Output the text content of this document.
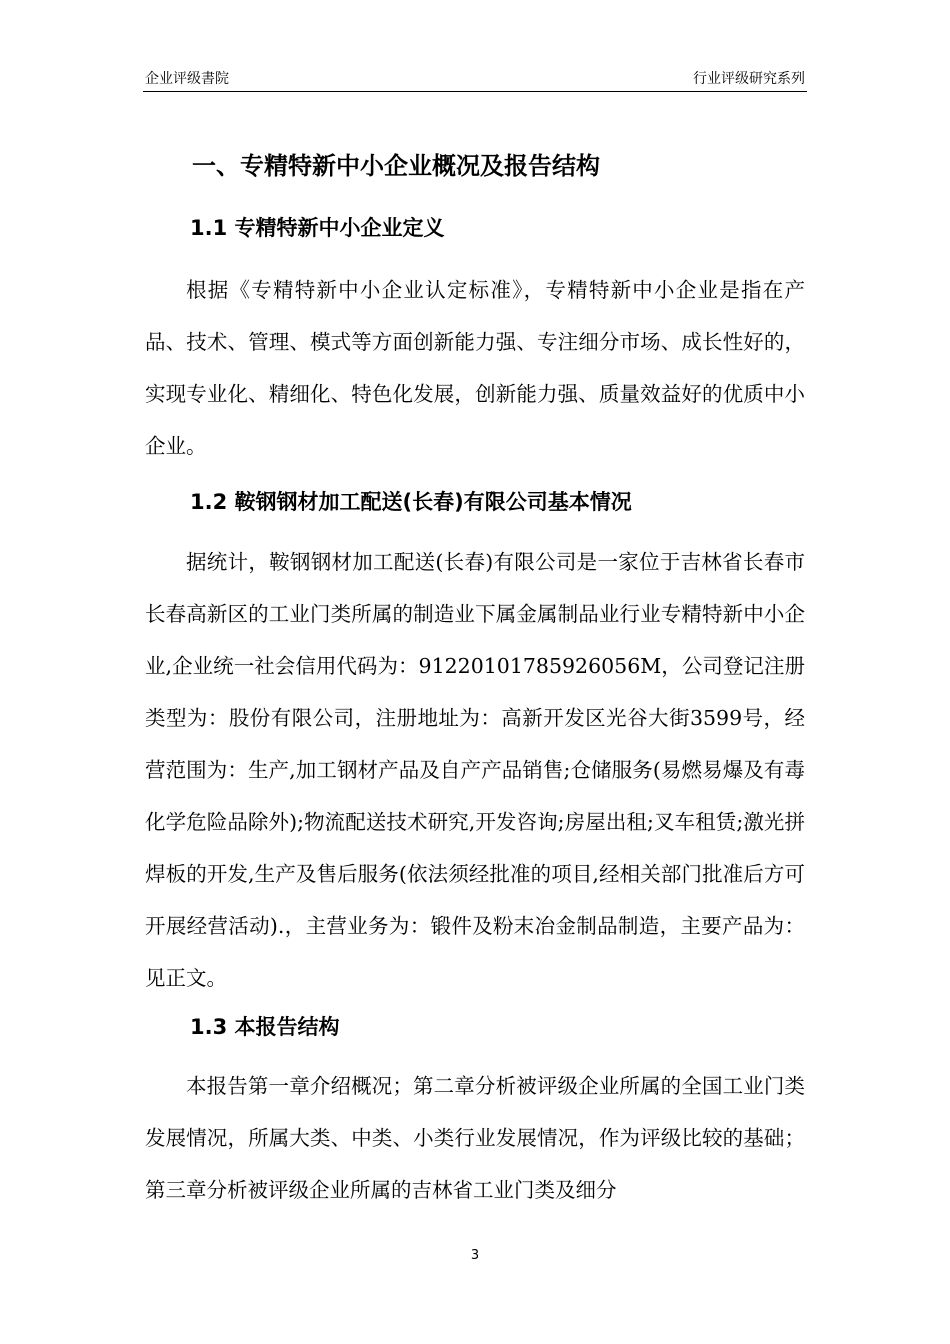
企业评级書院	行业评级研究系列
一、专精特新中小企业概况及报告结构
1.1 专精特新中小企业定义

根据《专精特新中小企业认定标准》，专精特新中小企业是指在产品、技术、管理、模式等方面创新能力强、专注细分市场、成长性好的，实现专业化、精细化、特色化发展，创新能力强、质量效益好的优质中小企业。

1.2 鞍钢钢材加工配送(长春)有限公司基本情况

据统计，鞍钢钢材加工配送(长春)有限公司是一家位于吉林省长春市长春高新区的工业门类所属的制造业下属金属制品业行业专精特新中小企业,企业统一社会信用代码为：91220101785926056M，公司登记注册类型为：股份有限公司，注册地址为：高新开发区光谷大街3599号，经营范围为：生产,加工钢材产品及自产产品销售;仓储服务(易燃易爆及有毒化学危险品除外);物流配送技术研究,开发咨询;房屋出租;叉车租赁;激光拼焊板的开发,生产及售后服务(依法须经批准的项目,经相关部门批准后方可开展经营活动).，主营业务为：锻件及粉末冶金制品制造，主要产品为：见正文。

1.3 本报告结构

本报告第一章介绍概况；第二章分析被评级企业所属的全国工业门类发展情况，所属大类、中类、小类行业发展情况，作为评级比较的基础；第三章分析被评级企业所属的吉林省工业门类及细分

3
